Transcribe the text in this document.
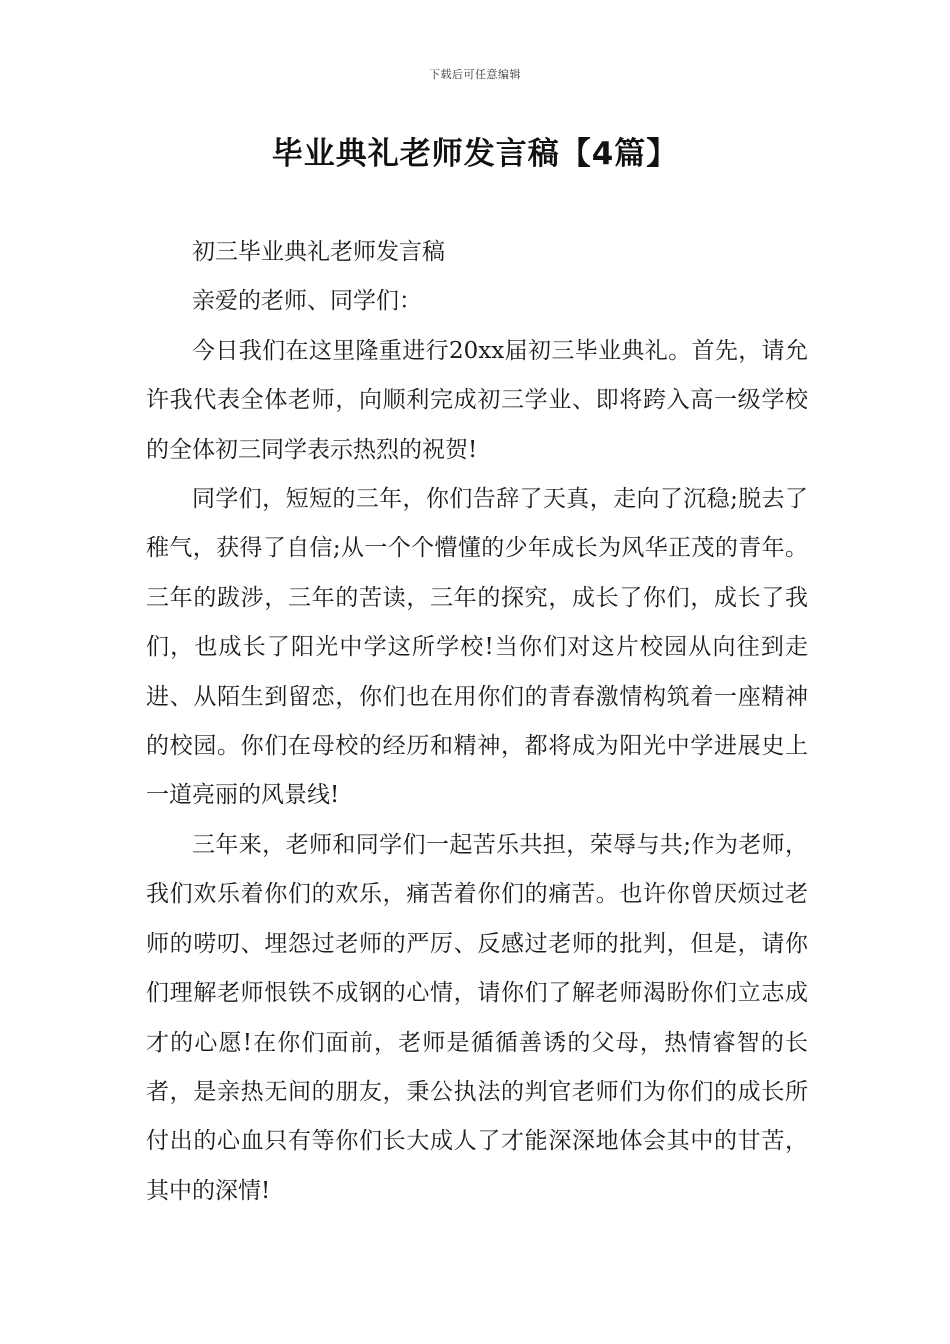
下载后可任意编辑
毕业典礼老师发言稿【4篇】

初三毕业典礼老师发言稿

亲爱的老师、同学们：

今日我们在这里隆重进行20xx届初三毕业典礼。首先，请允许我代表全体老师，向顺利完成初三学业、即将跨入高一级学校的全体初三同学表示热烈的祝贺!

同学们，短短的三年，你们告辞了天真，走向了沉稳;脱去了稚气，获得了自信;从一个个懵懂的少年成长为风华正茂的青年。三年的跋涉，三年的苦读，三年的探究，成长了你们，成长了我们，也成长了阳光中学这所学校!当你们对这片校园从向往到走进、从陌生到留恋，你们也在用你们的青春激情构筑着一座精神的校园。你们在母校的经历和精神，都将成为阳光中学进展史上一道亮丽的风景线!

三年来，老师和同学们一起苦乐共担，荣辱与共;作为老师，我们欢乐着你们的欢乐，痛苦着你们的痛苦。也许你曾厌烦过老师的唠叨、埋怨过老师的严厉、反感过老师的批判，但是，请你们理解老师恨铁不成钢的心情，请你们了解老师渴盼你们立志成才的心愿!在你们面前，老师是循循善诱的父母，热情睿智的长者，是亲热无间的朋友，秉公执法的判官老师们为你们的成长所付出的心血只有等你们长大成人了才能深深地体会其中的甘苦，其中的深情!
